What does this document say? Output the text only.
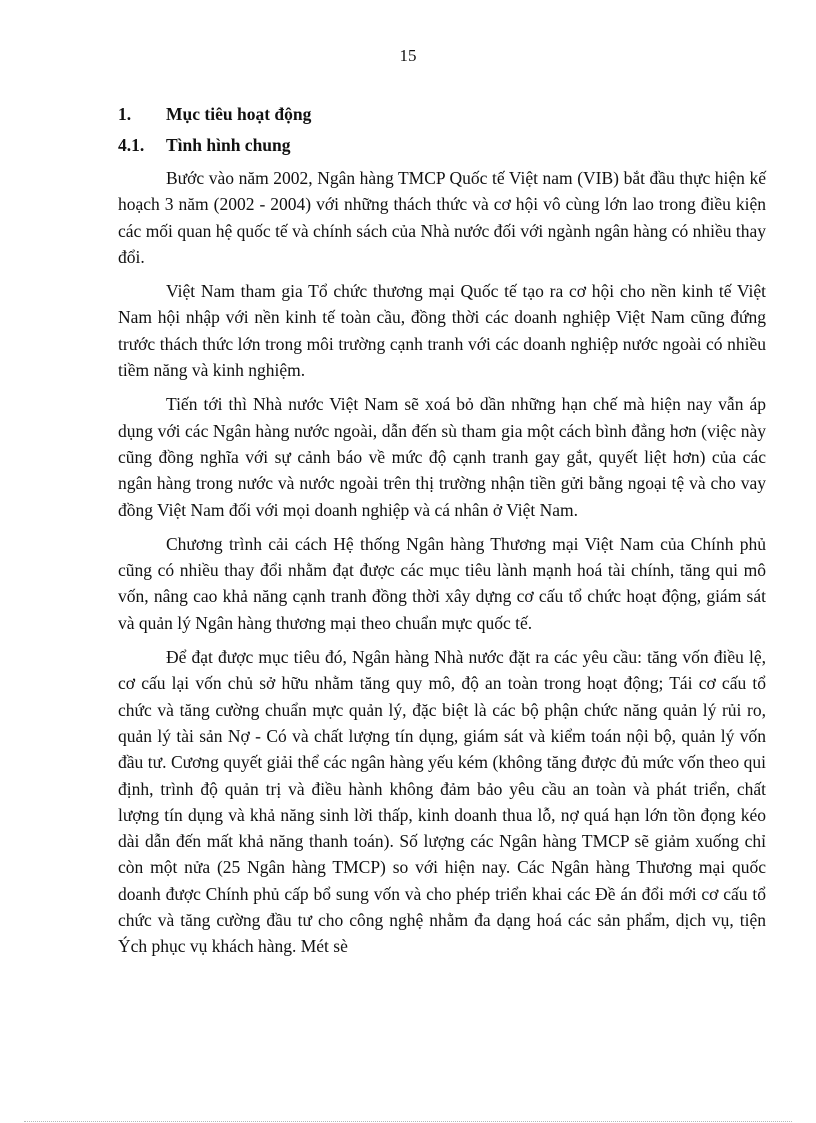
15
1.	Mục tiêu hoạt động
4.1.	Tình hình chung

Bước vào năm 2002, Ngân hàng TMCP Quốc tế Việt nam (VIB) bắt đầu thực hiện kế hoạch 3 năm (2002 - 2004) với những thách thức và cơ hội vô cùng lớn lao trong điều kiện các mối quan hệ quốc tế và chính sách của Nhà nước đối với ngành ngân hàng có nhiều thay đổi.

Việt Nam tham gia Tổ chức thương mại Quốc tế tạo ra cơ hội cho nền kinh tế Việt Nam hội nhập với nền kinh tế toàn cầu, đồng thời các doanh nghiệp Việt Nam cũng đứng trước thách thức lớn trong môi trường cạnh tranh với các doanh nghiệp nước ngoài có nhiều tiềm năng và kinh nghiệm.

Tiến tới thì Nhà nước Việt Nam sẽ xoá bỏ dần những hạn chế mà hiện nay vẫn áp dụng với các Ngân hàng nước ngoài, dẫn đến sù tham gia một cách bình đẳng hơn (việc này cũng đồng nghĩa với sự cảnh báo về mức độ cạnh tranh gay gắt, quyết liệt hơn) của các ngân hàng trong nước và nước ngoài trên thị trường nhận tiền gửi bằng ngoại tệ và cho vay đồng Việt Nam đối với mọi doanh nghiệp và cá nhân ở Việt Nam.

Chương trình cải cách Hệ thống Ngân hàng Thương mại Việt Nam của Chính phủ cũng có nhiều thay đổi nhằm đạt được các mục tiêu lành mạnh hoá tài chính, tăng qui mô vốn, nâng cao khả năng cạnh tranh đồng thời xây dựng cơ cấu tổ chức hoạt động, giám sát và quản lý Ngân hàng thương mại theo chuẩn mực quốc tế.

Để đạt được mục tiêu đó, Ngân hàng Nhà nước đặt ra các yêu cầu: tăng vốn điều lệ, cơ cấu lại vốn chủ sở hữu nhằm tăng quy mô, độ an toàn trong hoạt động; Tái cơ cấu tổ chức và tăng cường chuẩn mực quản lý, đặc biệt là các bộ phận chức năng quản lý rủi ro, quản lý tài sản Nợ - Có và chất lượng tín dụng, giám sát và kiểm toán nội bộ, quản lý vốn đầu tư. Cương quyết giải thể các ngân hàng yếu kém (không tăng được đủ mức vốn theo qui định, trình độ quản trị và điều hành không đảm bảo yêu cầu an toàn và phát triển, chất lượng tín dụng và khả năng sinh lời thấp, kinh doanh thua lỗ, nợ quá hạn lớn tồn đọng kéo dài dẫn đến mất khả năng thanh toán). Số lượng các Ngân hàng TMCP sẽ giảm xuống chỉ còn một nửa (25 Ngân hàng TMCP) so với hiện nay. Các Ngân hàng Thương mại quốc doanh được Chính phủ cấp bổ sung vốn và cho phép triển khai các Đề án đổi mới cơ cấu tổ chức và tăng cường đầu tư cho công nghệ nhằm đa dạng hoá các sản phẩm, dịch vụ, tiện Ých phục vụ khách hàng. Mét sè
